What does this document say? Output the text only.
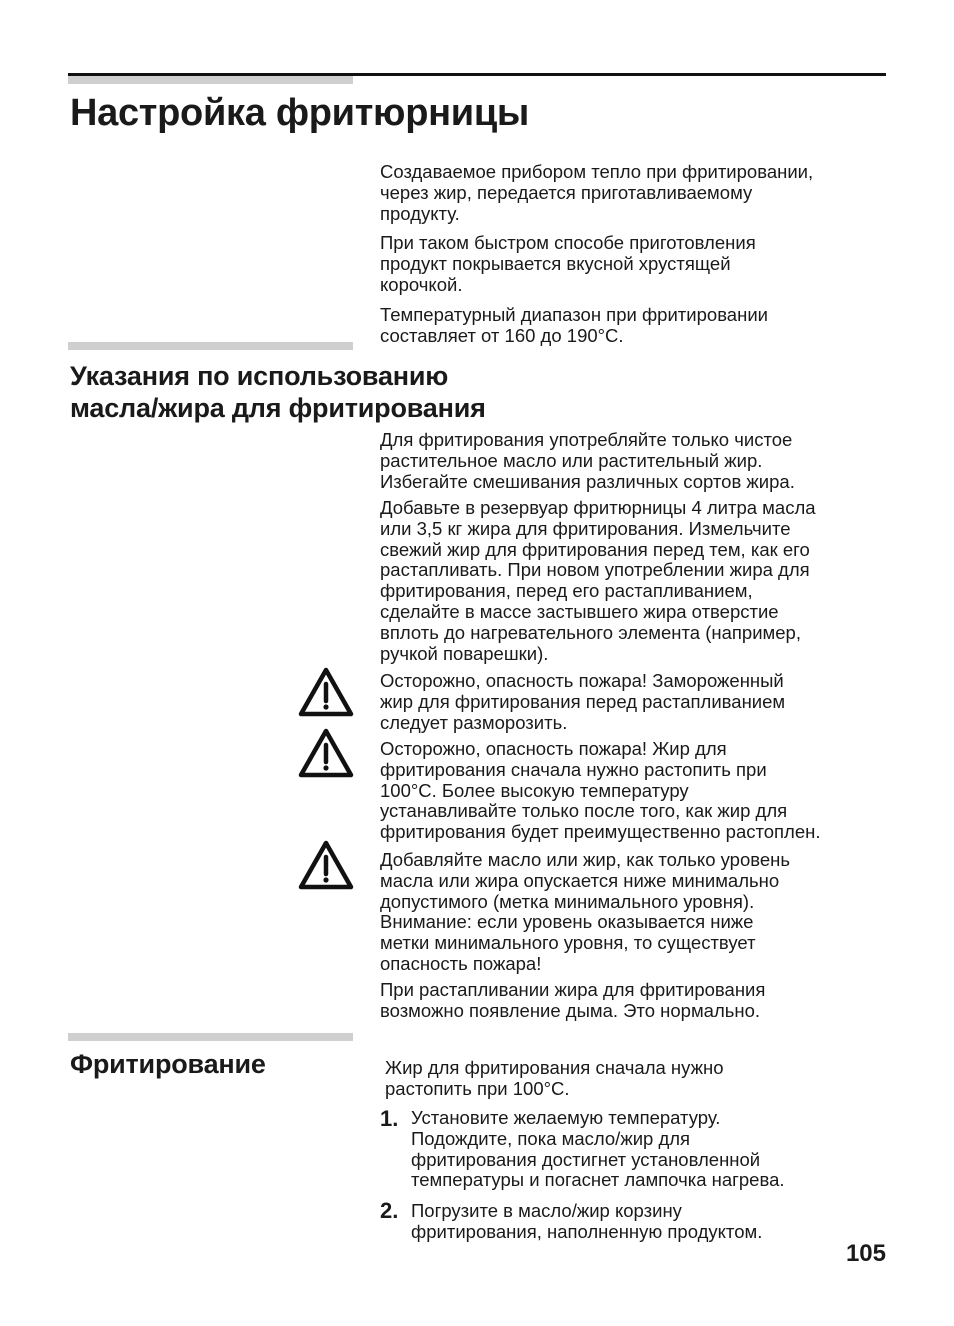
Настройка фритюрницы

Создаваемое прибором тепло при фритировании,
через жир, передается приготавливаемому
продукту.

При таком быстром способе приготовления
продукт покрывается вкусной хрустящей
корочкой.

Температурный диапазон при фритировании
составляет от 160 до 190°C.

Указания по использованию
масла/жира для фритирования

Для фритирования употребляйте только чистое
растительное масло или растительный жир.
Избегайте смешивания различных сортов жира.

Добавьте в резервуар фритюрницы 4 литра масла
или 3,5 кг жира для фритирования. Измельчите
свежий жир для фритирования перед тем, как его
растапливать. При новом употреблении жира для
фритирования, перед его растапливанием,
сделайте в массе застывшего жира отверстие
вплоть до нагревательного элемента (например,
ручкой поварешки).

Осторожно, опасность пожара! Замороженный
жир для фритирования перед растапливанием
следует разморозить.

Осторожно, опасность пожара! Жир для
фритирования сначала нужно растопить при
100°C. Более высокую температуру
устанавливайте только после того, как жир для
фритирования будет преимущественно растоплен.

Добавляйте масло или жир, как только уровень
масла или жира опускается ниже минимально
допустимого (метка минимального уровня).
Внимание: если уровень оказывается ниже
метки минимального уровня, то существует
опасность пожара!

При растапливании жира для фритирования
возможно появление дыма. Это нормально.

Фритирование	Жир для фритирования сначала нужно
растопить при 100°C.

1. Установите желаемую температуру.
Подождите, пока масло/жир для
фритирования достигнет установленной
температуры и погаснет лампочка нагрева.

2. Погрузите в масло/жир корзину
фритирования, наполненную продуктом.

105
